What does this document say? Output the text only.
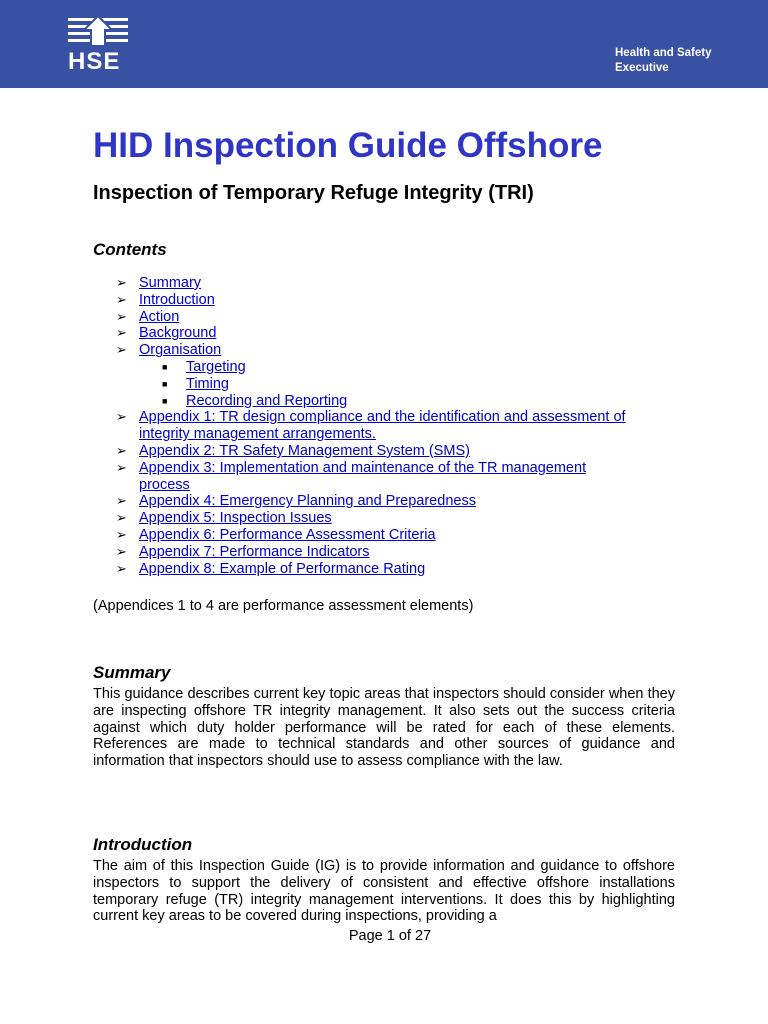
HSE	Health and Safety
Executive
HID Inspection Guide Offshore
Inspection of Temporary Refuge Integrity (TRI)
Contents
➢ Summary
➢ Introduction
➢ Action
➢ Background
➢ Organisation
■ Targeting
■ Timing
■ Recording and Reporting
➢ Appendix 1: TR design compliance and the identification and assessment of integrity management arrangements.
➢ Appendix 2: TR Safety Management System (SMS)
➢ Appendix 3: Implementation and maintenance of the TR management process
➢ Appendix 4: Emergency Planning and Preparedness
➢ Appendix 5: Inspection Issues
➢ Appendix 6: Performance Assessment Criteria
➢ Appendix 7: Performance Indicators
➢ Appendix 8: Example of Performance Rating
(Appendices 1 to 4 are performance assessment elements)
Summary

This guidance describes current key topic areas that inspectors should consider when they are inspecting offshore TR integrity management. It also sets out the success criteria against which duty holder performance will be rated for each of these elements. References are made to technical standards and other sources of guidance and information that inspectors should use to assess compliance with the law.

Introduction

The aim of this Inspection Guide (IG) is to provide information and guidance to offshore inspectors to support the delivery of consistent and effective offshore installations temporary refuge (TR) integrity management interventions. It does this by highlighting current key areas to be covered during inspections, providing a

Page 1 of 27
